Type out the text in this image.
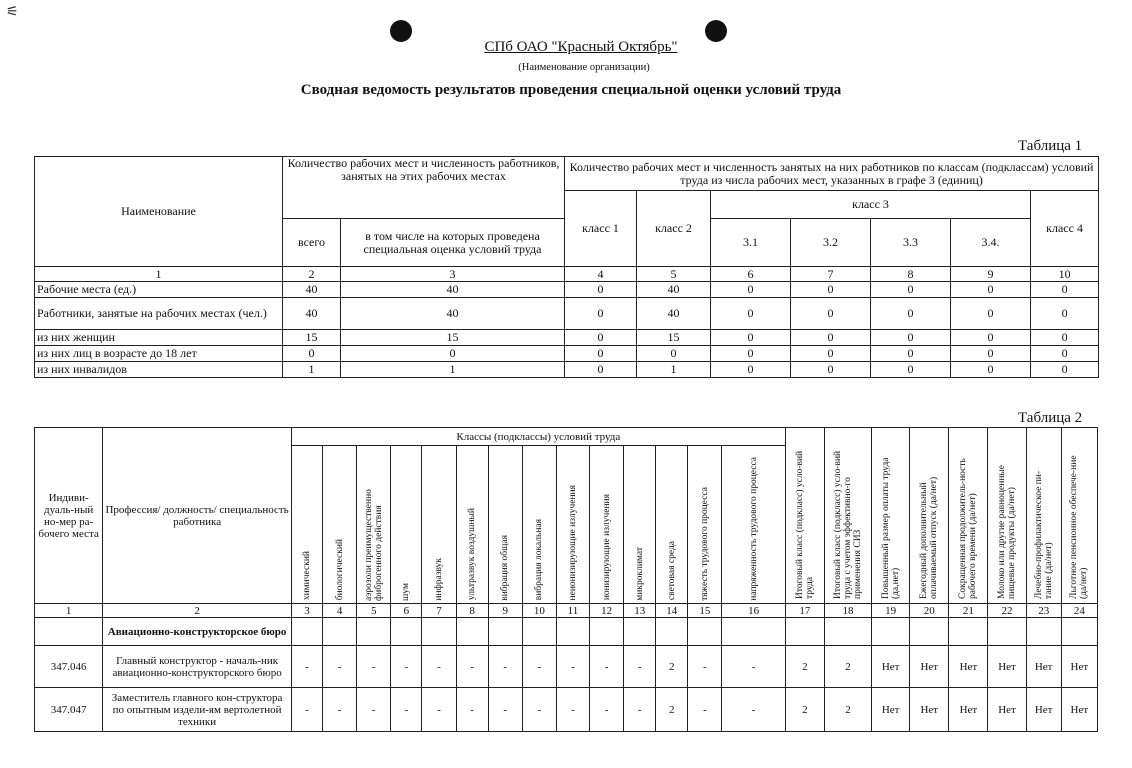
⚟
СПб ОАО "Красный Октябрь"
(Наименование организации)
Сводная ведомость результатов проведения специальной оценки условий труда
Таблица 1
Наименование	Количество рабочих мест и численность работников, занятых на этих рабочих местах		Количество рабочих мест и численность занятых на них работников по классам (подклассам) условий труда из числа рабочих мест, указанных в графе 3 (единиц)						
			класс 1	класс 2	класс 3				класс 4
	всего	в том числе на которых проведена специальная оценка условий труда			3.1	3.2	3.3	3.4.	
1	2	3	4	5	6	7	8	9	10
Рабочие места (ед.)	40	40	0	40	0	0	0	0	0
Работники, занятые на рабочих местах (чел.)	40	40	0	40	0	0	0	0	0
из них женщин	15	15	0	15	0	0	0	0	0
из них лиц в возрасте до 18 лет	0	0	0	0	0	0	0	0	0
из них инвалидов	1	1	0	1	0	0	0	0	0
Таблица 2
Индиви-дуаль-ный но-мер ра-бочего места	Профессия/ должность/ специальность работника	Классы (подклассы) условий труда														Итоговый класс (подкласс) усло-вий труда	Итоговый класс (подкласс) усло-вий труда с учетом эффективно-го применения СИЗ	Повышенный размер оплаты труда (да,нет)	Ежегодный дополнительный оплачиваемый отпуск (да/нет)	Сокращенная продолжитель-ность рабочего времени (да/нет)	Молоко или другие равноценные пищевые продукты (да/нет)	Лечебно-профилактическое пи-тание (да/нет)	Льготное пенсионное обеспече-ние (да/нет)

		химический	биологический	аэрозоли преимущественно фиброгенного действия	шум	инфразвук	ультразвук воздушный	вибрация общая	вибрация локальная	неионизирующие излучения	ионизирующие излучения	микроклимат	световая среда	тяжесть трудового процесса	напряженность трудового процесса								

1	2	3	4	5	6	7	8	9	10	11	12	13	14	15	16	17	18	19	20	21	22	23	24
	Авиационно-конструкторское бюро																						
347.046	Главный конструктор - началь-ник авиационно-конструкторского бюро	-	-	-	-	-	-	-	-	-	-	-	2	-	-	2	2	Нет	Нет	Нет	Нет	Нет	Нет
347.047	Заместитель главного кон-структора по опытным издели-ям вертолетной техники	-	-	-	-	-	-	-	-	-	-	-	2	-	-	2	2	Нет	Нет	Нет	Нет	Нет	Нет
